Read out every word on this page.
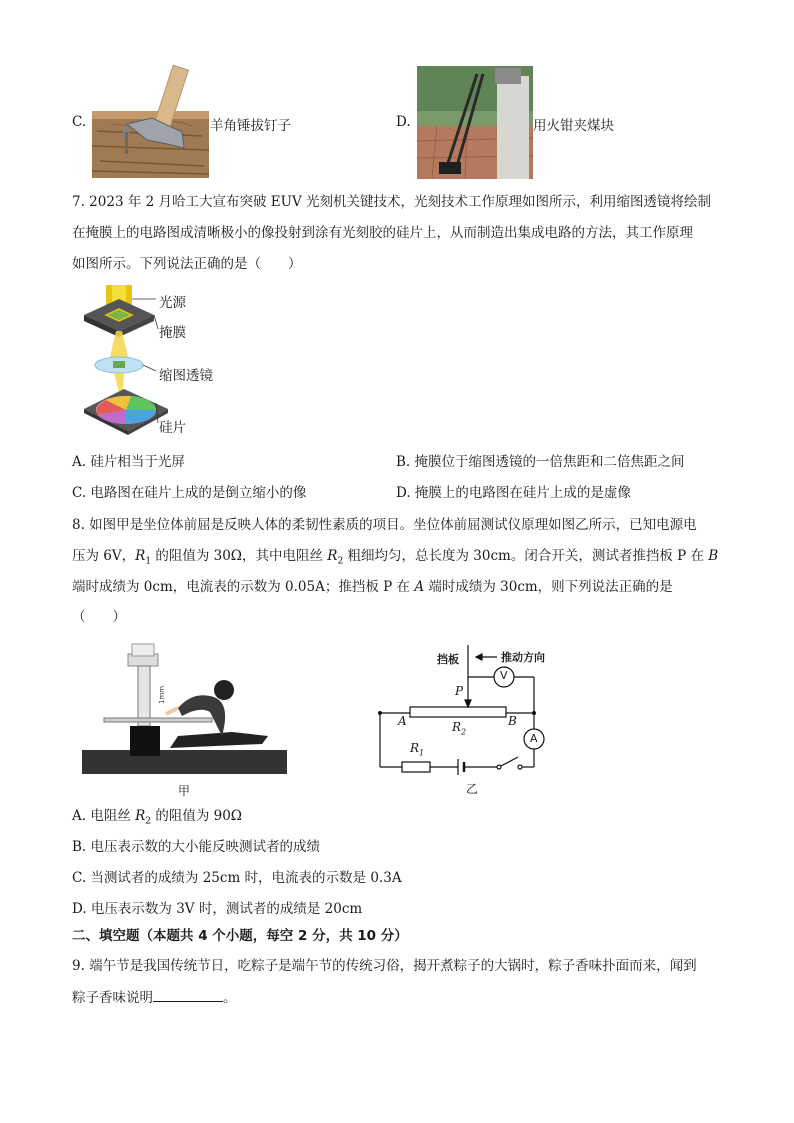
C.	羊角锤拔钉子	D.	用火钳夹煤块
7. 2023 年 2 月哈工大宣布突破 EUV 光刻机关键技术，光刻技术工作原理如图所示，利用缩图透镜将绘制
在掩膜上的电路图成清晰极小的像投射到涂有光刻胶的硅片上，从而制造出集成电路的方法，其工作原理
如图所示。下列说法正确的是（　　）
光源
掩膜
缩图透镜
硅片
A. 硅片相当于光屏	B. 掩膜位于缩图透镜的一倍焦距和二倍焦距之间
C. 电路图在硅片上成的是倒立缩小的像	D. 掩膜上的电路图在硅片上成的是虚像
8. 如图甲是坐位体前屈是反映人体的柔韧性素质的项目。坐位体前屈测试仪原理如图乙所示，已知电源电
压为 6V，$R_1$ 的阻值为 30Ω，其中电阻丝 $R_2$ 粗细均匀，总长度为 30cm。闭合开关，测试者推挡板 P 在 B
端时成绩为 0cm，电流表的示数为 0.05A；推挡板 P 在 A 端时成绩为 30cm，则下列说法正确的是
（　　）
1mm
甲
挡板	推动方向
P
V
A	B
$R_2$
A
$R_1$
乙
A. 电阻丝 $R_2$ 的阻值为 90Ω
B. 电压表示数的大小能反映测试者的成绩
C. 当测试者的成绩为 25cm 时，电流表的示数是 0.3A
D. 电压表示数为 3V 时，测试者的成绩是 20cm
二、填空题（本题共 4 个小题，每空 2 分，共 10 分）
9. 端午节是我国传统节日，吃粽子是端午节的传统习俗，揭开煮粽子的大锅时，粽子香味扑面而来，闻到
粽子香味说明	。
